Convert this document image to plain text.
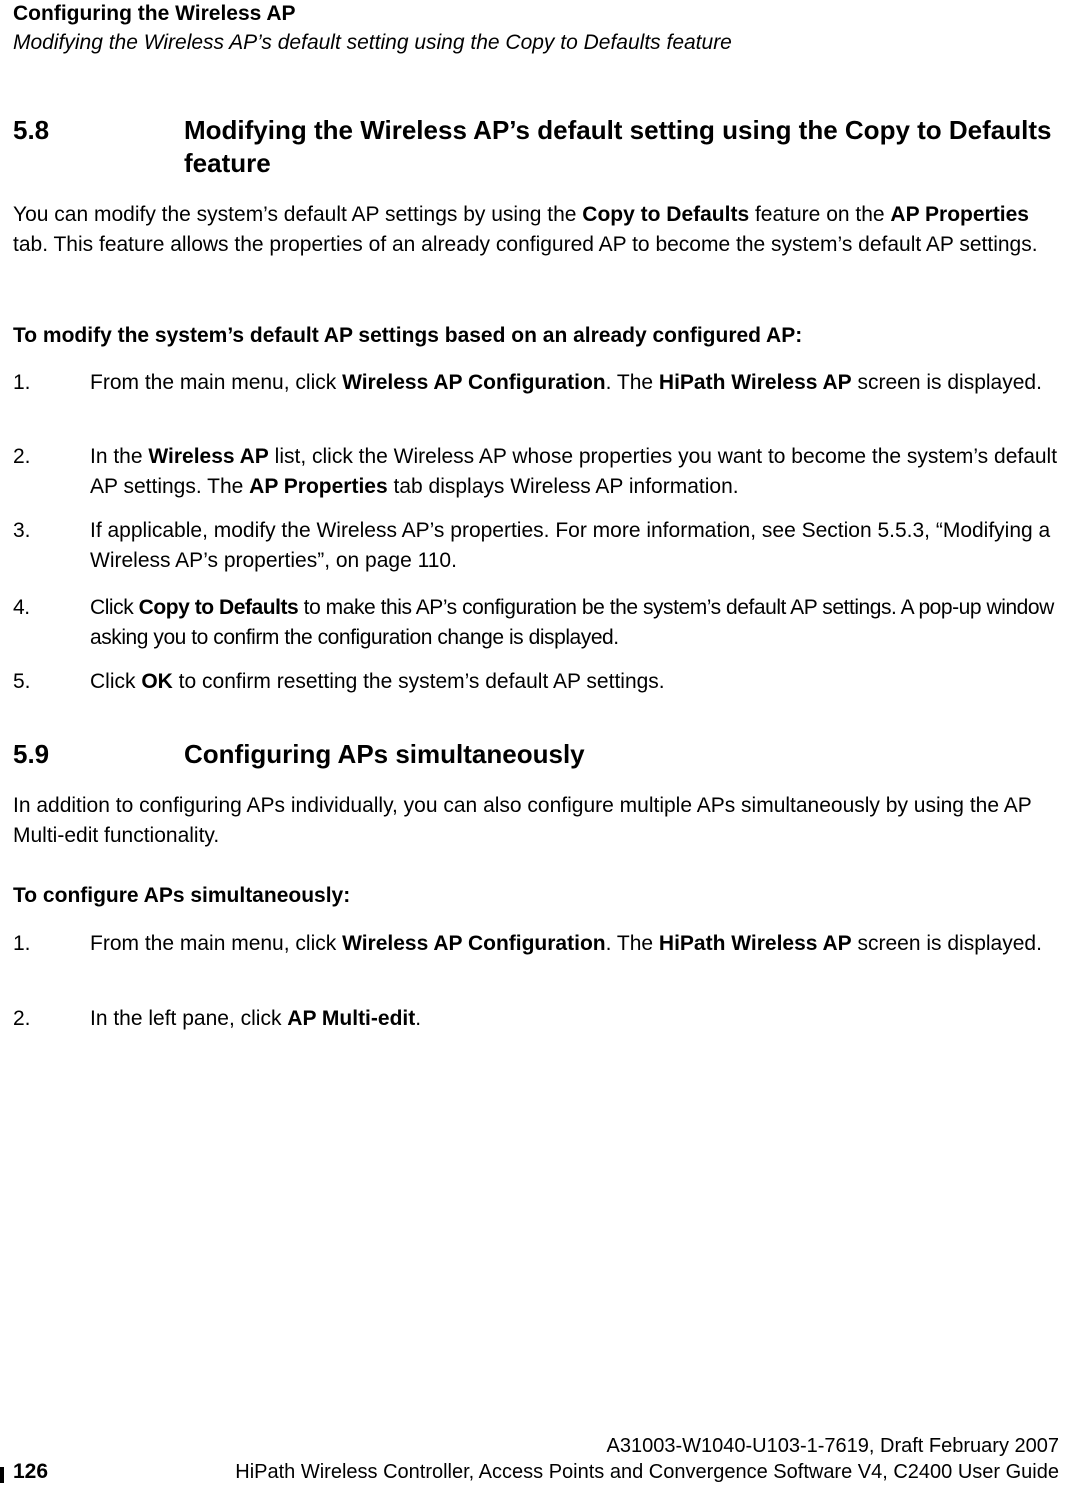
Configuring the Wireless AP
Modifying the Wireless AP’s default setting using the Copy to Defaults feature
5.8	Modifying the Wireless AP’s default setting using the Copy to Defaults feature
You can modify the system’s default AP settings by using the Copy to Defaults feature on the AP Properties tab. This feature allows the properties of an already configured AP to become the system’s default AP settings.
To modify the system’s default AP settings based on an already configured AP:
1.	From the main menu, click Wireless AP Configuration. The HiPath Wireless AP screen is displayed.
2.	In the Wireless AP list, click the Wireless AP whose properties you want to become the system’s default AP settings. The AP Properties tab displays Wireless AP information.
3.	If applicable, modify the Wireless AP’s properties. For more information, see Section 5.5.3, “Modifying a Wireless AP’s properties”, on page 110.
4.	Click Copy to Defaults to make this AP’s configuration be the system’s default AP settings. A pop-up window asking you to confirm the configuration change is displayed.
5.	Click OK to confirm resetting the system’s default AP settings.
5.9	Configuring APs simultaneously
In addition to configuring APs individually, you can also configure multiple APs simultaneously by using the AP Multi-edit functionality.
To configure APs simultaneously:
1.	From the main menu, click Wireless AP Configuration. The HiPath Wireless AP screen is displayed.
2.	In the left pane, click AP Multi-edit.
126
A31003-W1040-U103-1-7619, Draft February 2007
HiPath Wireless Controller, Access Points and Convergence Software V4, C2400 User Guide
